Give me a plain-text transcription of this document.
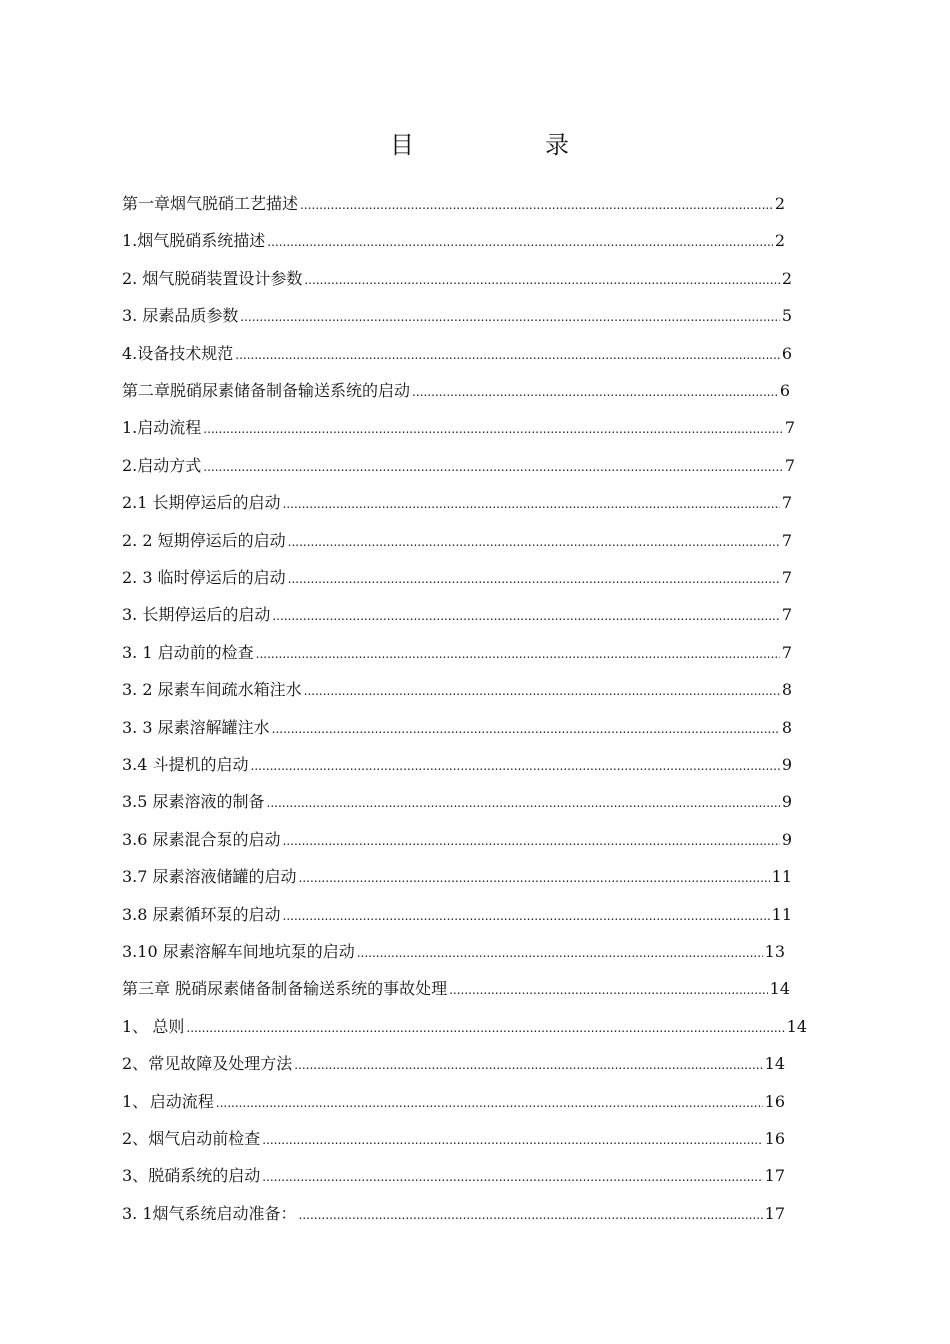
目	录
第一章 烟气脱硝工艺描述 .....	2
1.烟气脱硝系统描述 .....	2
2. 烟气脱硝装置设计参数 .....	2
3. 尿素品质参数 .....	5
4.设备技术规范 .....	6
第二章 脱硝尿素储备制备输送系统的启动 .....	6
1.启动流程 .....	7
2.启动方式 .....	7
2.1 长期停运后的启动 .....	7
2. 2 短期停运后的启动 .....	7
2. 3 临时停运后的启动 .....	7
3. 长期停运后的启动 .....	7
3. 1 启动前的检查 .....	7
3. 2 尿素车间疏水箱注水 .....	8
3. 3 尿素溶解罐注水 .....	8
3.4 斗提机的启动 .....	9
3.5 尿素溶液的制备 .....	9
3.6 尿素混合泵的启动 .....	9
3.7 尿素溶液储罐的启动 .....	11
3.8 尿素循环泵的启动 .....	11
3.10 尿素溶解车间地坑泵的启动 .....	13
第三章 脱硝尿素储备制备输送系统的事故处理 .....	14
1、 总则 .....	14
2、 常见故障及处理方法 .....	14
1、 启动流程 .....	16
2、 烟气启动前检查 .....	16
3、 脱硝系统的启动 .....	17
3. 1 烟气系统启动准备： .....	17
